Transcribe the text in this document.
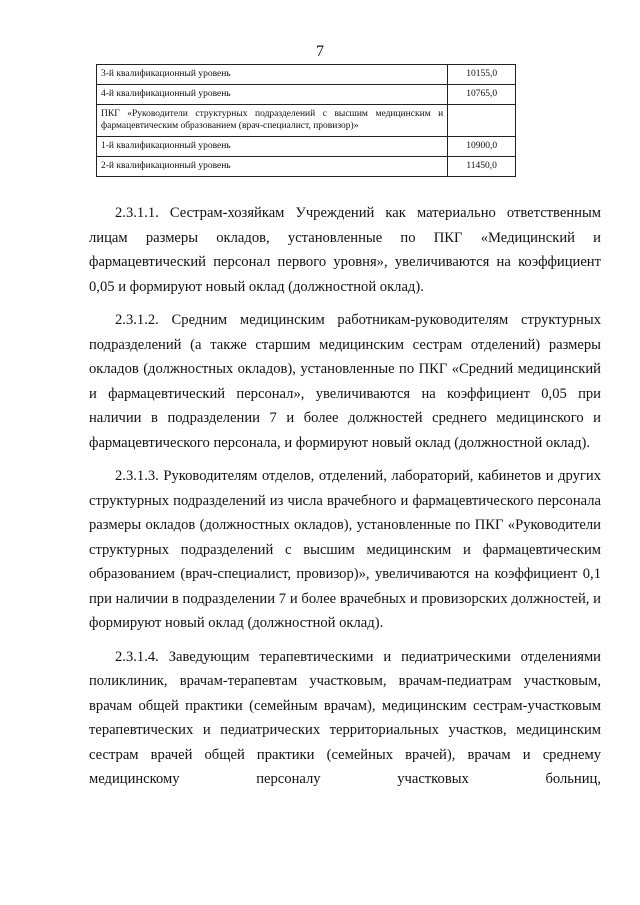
7
3-й квалификационный уровень	10155,0
4-й квалификационный уровень	10765,0
ПКГ «Руководители структурных подразделений с высшим медицинским и фармацевтическим образованием (врач-специалист, провизор)»	
1-й квалификационный уровень	10900,0
2-й квалификационный уровень	11450,0

2.3.1.1. Сестрам-хозяйкам Учреждений как материально ответственным лицам размеры окладов, установленные по ПКГ «Медицинский и фармацевтический персонал первого уровня», увеличиваются на коэффициент 0,05 и формируют новый оклад (должностной оклад).

2.3.1.2. Средним медицинским работникам-руководителям структурных подразделений (а также старшим медицинским сестрам отделений) размеры окладов (должностных окладов), установленные по ПКГ «Средний медицинский и фармацевтический персонал», увеличиваются на коэффициент 0,05 при наличии в подразделении 7 и более должностей среднего медицинского и фармацевтического персонала, и формируют новый оклад (должностной оклад).

2.3.1.3. Руководителям отделов, отделений, лабораторий, кабинетов и других структурных подразделений из числа врачебного и фармацевтического персонала размеры окладов (должностных окладов), установленные по ПКГ «Руководители структурных подразделений с высшим медицинским и фармацевтическим образованием (врач-специалист, провизор)», увеличиваются на коэффициент 0,1 при наличии в подразделении 7 и более врачебных и провизорских должностей, и формируют новый оклад (должностной оклад).

2.3.1.4. Заведующим терапевтическими и педиатрическими отделениями поликлиник, врачам-терапевтам участковым, врачам-педиатрам участковым, врачам общей практики (семейным врачам), медицинским сестрам-участковым терапевтических и педиатрических территориальных участков, медицинским сестрам врачей общей практики (семейных врачей), врачам и среднему медицинскому персоналу участковых больниц,
